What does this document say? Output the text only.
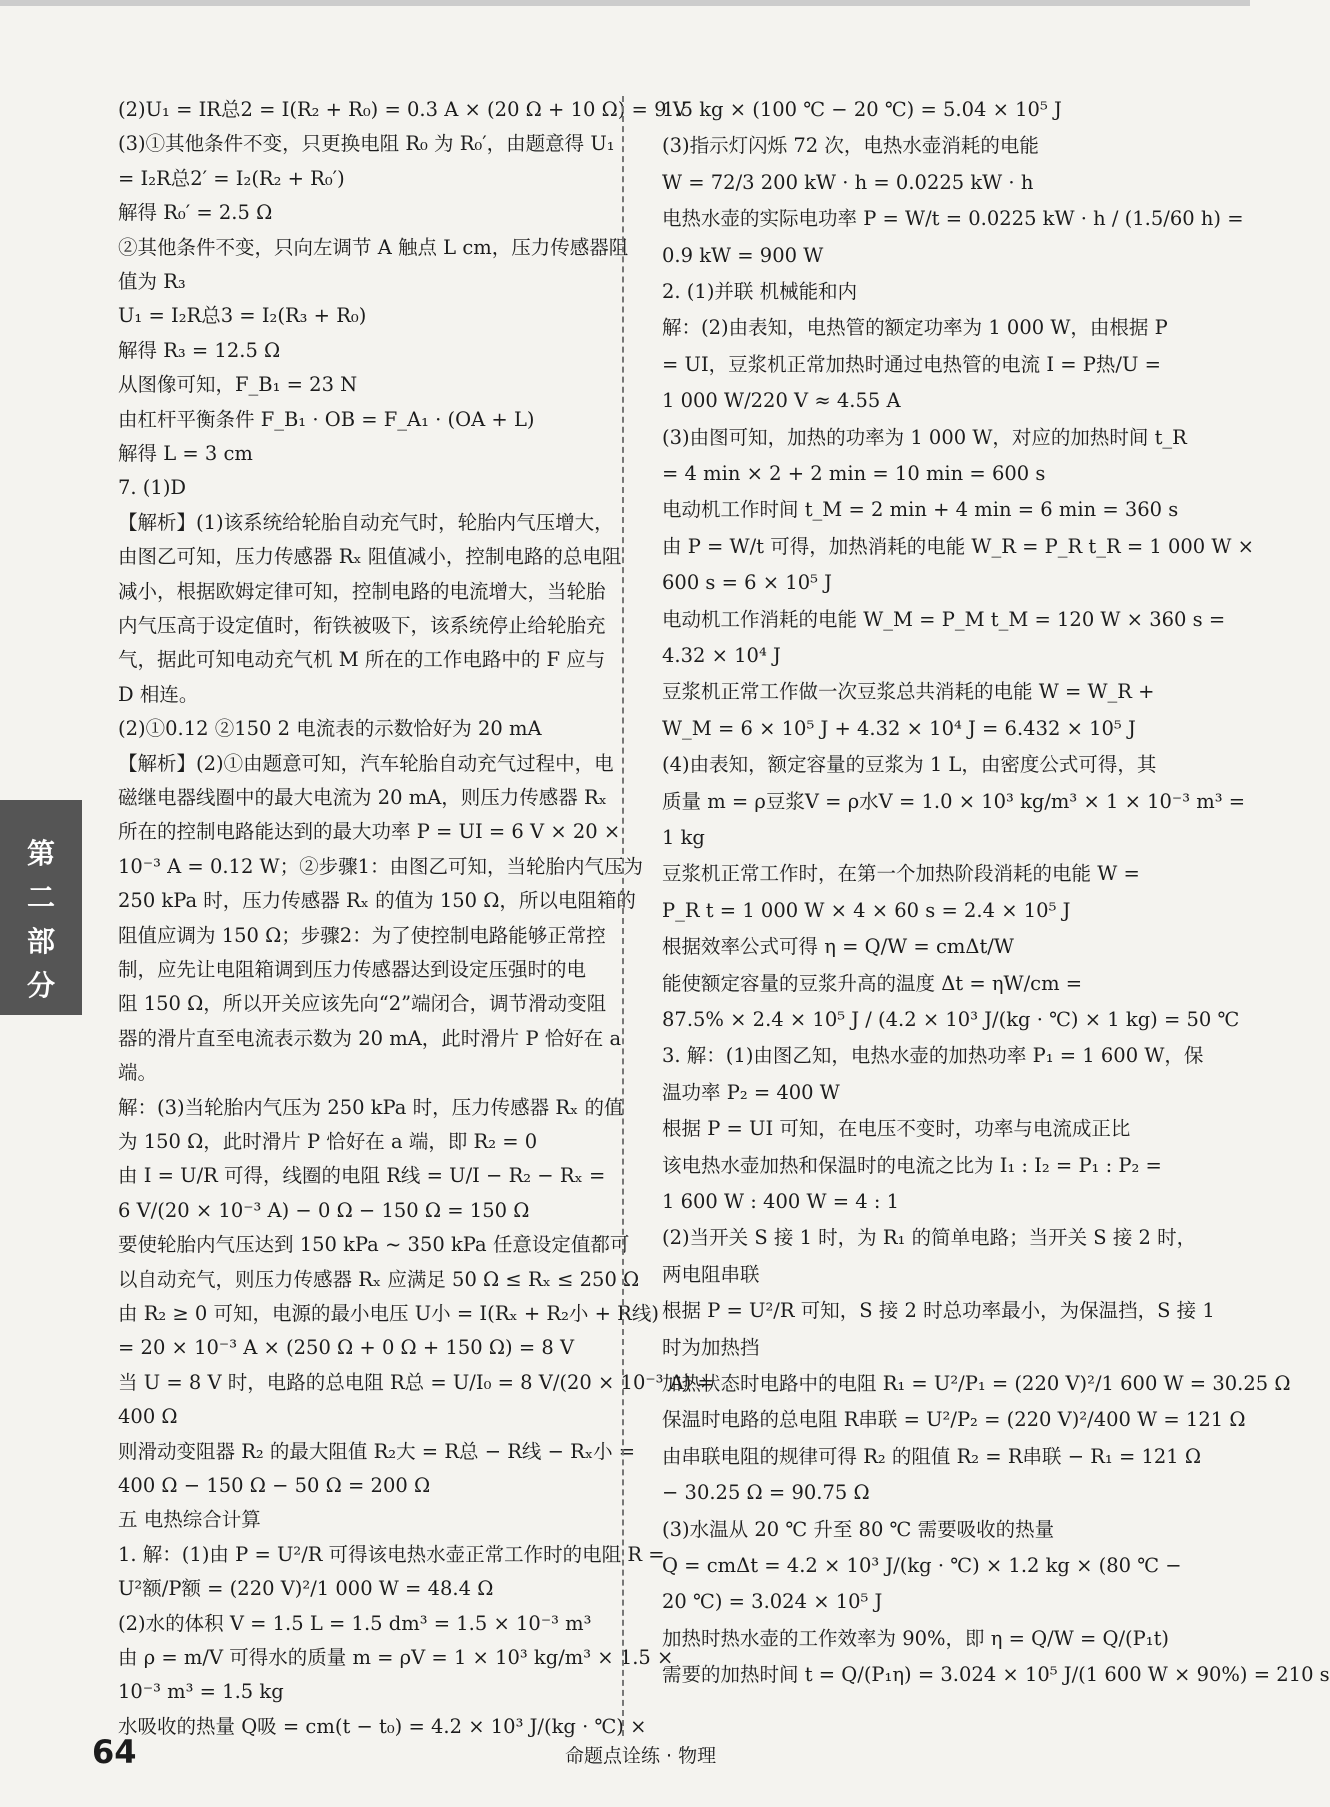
(2)U₁ = IR总2 = I(R₂ + R₀) = 0.3 A × (20 Ω + 10 Ω) = 9 V
(3)①其他条件不变，只更换电阻 R₀ 为 R₀′，由题意得 U₁
= I₂R总2′ = I₂(R₂ + R₀′)
解得 R₀′ = 2.5 Ω
②其他条件不变，只向左调节 A 触点 L cm，压力传感器阻
值为 R₃
U₁ = I₂R总3 = I₂(R₃ + R₀)
解得 R₃ = 12.5 Ω
从图像可知，F_B₁ = 23 N
由杠杆平衡条件 F_B₁ · OB = F_A₁ · (OA + L)
解得 L = 3 cm
7. (1)D
【解析】(1)该系统给轮胎自动充气时，轮胎内气压增大，
由图乙可知，压力传感器 Rₓ 阻值减小，控制电路的总电阻
减小，根据欧姆定律可知，控制电路的电流增大，当轮胎
内气压高于设定值时，衔铁被吸下，该系统停止给轮胎充
气，据此可知电动充气机 M 所在的工作电路中的 F 应与
D 相连。
(2)①0.12 ②150 2 电流表的示数恰好为 20 mA
【解析】(2)①由题意可知，汽车轮胎自动充气过程中，电
磁继电器线圈中的最大电流为 20 mA，则压力传感器 Rₓ
所在的控制电路能达到的最大功率 P = UI = 6 V × 20 ×
10⁻³ A = 0.12 W；②步骤1：由图乙可知，当轮胎内气压为
250 kPa 时，压力传感器 Rₓ 的值为 150 Ω，所以电阻箱的
阻值应调为 150 Ω；步骤2：为了使控制电路能够正常控
制，应先让电阻箱调到压力传感器达到设定压强时的电
阻 150 Ω，所以开关应该先向“2”端闭合，调节滑动变阻
器的滑片直至电流表示数为 20 mA，此时滑片 P 恰好在 a
端。
解：(3)当轮胎内气压为 250 kPa 时，压力传感器 Rₓ 的值
为 150 Ω，此时滑片 P 恰好在 a 端，即 R₂ = 0
由 I = U/R 可得，线圈的电阻 R线 = U/I − R₂ − Rₓ =
6 V/(20 × 10⁻³ A) − 0 Ω − 150 Ω = 150 Ω
要使轮胎内气压达到 150 kPa ~ 350 kPa 任意设定值都可
以自动充气，则压力传感器 Rₓ 应满足 50 Ω ≤ Rₓ ≤ 250 Ω
由 R₂ ≥ 0 可知，电源的最小电压 U小 = I(Rₓ + R₂小 + R线)
= 20 × 10⁻³ A × (250 Ω + 0 Ω + 150 Ω) = 8 V
当 U = 8 V 时，电路的总电阻 R总 = U/I₀ = 8 V/(20 × 10⁻³ A) =
400 Ω
则滑动变阻器 R₂ 的最大阻值 R₂大 = R总 − R线 − Rₓ小 =
400 Ω − 150 Ω − 50 Ω = 200 Ω
五 电热综合计算
1. 解：(1)由 P = U²/R 可得该电热水壶正常工作时的电阻 R =
U²额/P额 = (220 V)²/1 000 W = 48.4 Ω
(2)水的体积 V = 1.5 L = 1.5 dm³ = 1.5 × 10⁻³ m³
由 ρ = m/V 可得水的质量 m = ρV = 1 × 10³ kg/m³ × 1.5 ×
10⁻³ m³ = 1.5 kg
水吸收的热量 Q吸 = cm(t − t₀) = 4.2 × 10³ J/(kg · ℃) ×
1.5 kg × (100 ℃ − 20 ℃) = 5.04 × 10⁵ J
(3)指示灯闪烁 72 次，电热水壶消耗的电能
W = 72/3 200 kW · h = 0.0225 kW · h
电热水壶的实际电功率 P = W/t = 0.0225 kW · h / (1.5/60 h) =
0.9 kW = 900 W
2. (1)并联 机械能和内
解：(2)由表知，电热管的额定功率为 1 000 W，由根据 P
= UI，豆浆机正常加热时通过电热管的电流 I = P热/U =
1 000 W/220 V ≈ 4.55 A
(3)由图可知，加热的功率为 1 000 W，对应的加热时间 t_R
= 4 min × 2 + 2 min = 10 min = 600 s
电动机工作时间 t_M = 2 min + 4 min = 6 min = 360 s
由 P = W/t 可得，加热消耗的电能 W_R = P_R t_R = 1 000 W ×
600 s = 6 × 10⁵ J
电动机工作消耗的电能 W_M = P_M t_M = 120 W × 360 s =
4.32 × 10⁴ J
豆浆机正常工作做一次豆浆总共消耗的电能 W = W_R +
W_M = 6 × 10⁵ J + 4.32 × 10⁴ J = 6.432 × 10⁵ J
(4)由表知，额定容量的豆浆为 1 L，由密度公式可得，其
质量 m = ρ豆浆V = ρ水V = 1.0 × 10³ kg/m³ × 1 × 10⁻³ m³ =
1 kg
豆浆机正常工作时，在第一个加热阶段消耗的电能 W =
P_R t = 1 000 W × 4 × 60 s = 2.4 × 10⁵ J
根据效率公式可得 η = Q/W = cmΔt/W
能使额定容量的豆浆升高的温度 Δt = ηW/cm =
87.5% × 2.4 × 10⁵ J / (4.2 × 10³ J/(kg · ℃) × 1 kg) = 50 ℃
3. 解：(1)由图乙知，电热水壶的加热功率 P₁ = 1 600 W，保
温功率 P₂ = 400 W
根据 P = UI 可知，在电压不变时，功率与电流成正比
该电热水壶加热和保温时的电流之比为 I₁ : I₂ = P₁ : P₂ =
1 600 W : 400 W = 4 : 1
(2)当开关 S 接 1 时，为 R₁ 的简单电路；当开关 S 接 2 时，
两电阻串联
根据 P = U²/R 可知，S 接 2 时总功率最小，为保温挡，S 接 1
时为加热挡
加热状态时电路中的电阻 R₁ = U²/P₁ = (220 V)²/1 600 W = 30.25 Ω
保温时电路的总电阻 R串联 = U²/P₂ = (220 V)²/400 W = 121 Ω
由串联电阻的规律可得 R₂ 的阻值 R₂ = R串联 − R₁ = 121 Ω
− 30.25 Ω = 90.75 Ω
(3)水温从 20 ℃ 升至 80 ℃ 需要吸收的热量
Q = cmΔt = 4.2 × 10³ J/(kg · ℃) × 1.2 kg × (80 ℃ −
20 ℃) = 3.024 × 10⁵ J
加热时热水壶的工作效率为 90%，即 η = Q/W = Q/(P₁t)
需要的加热时间 t = Q/(P₁η) = 3.024 × 10⁵ J/(1 600 W × 90%) = 210 s
第
二
部
分
64	命题点诠练 · 物理
